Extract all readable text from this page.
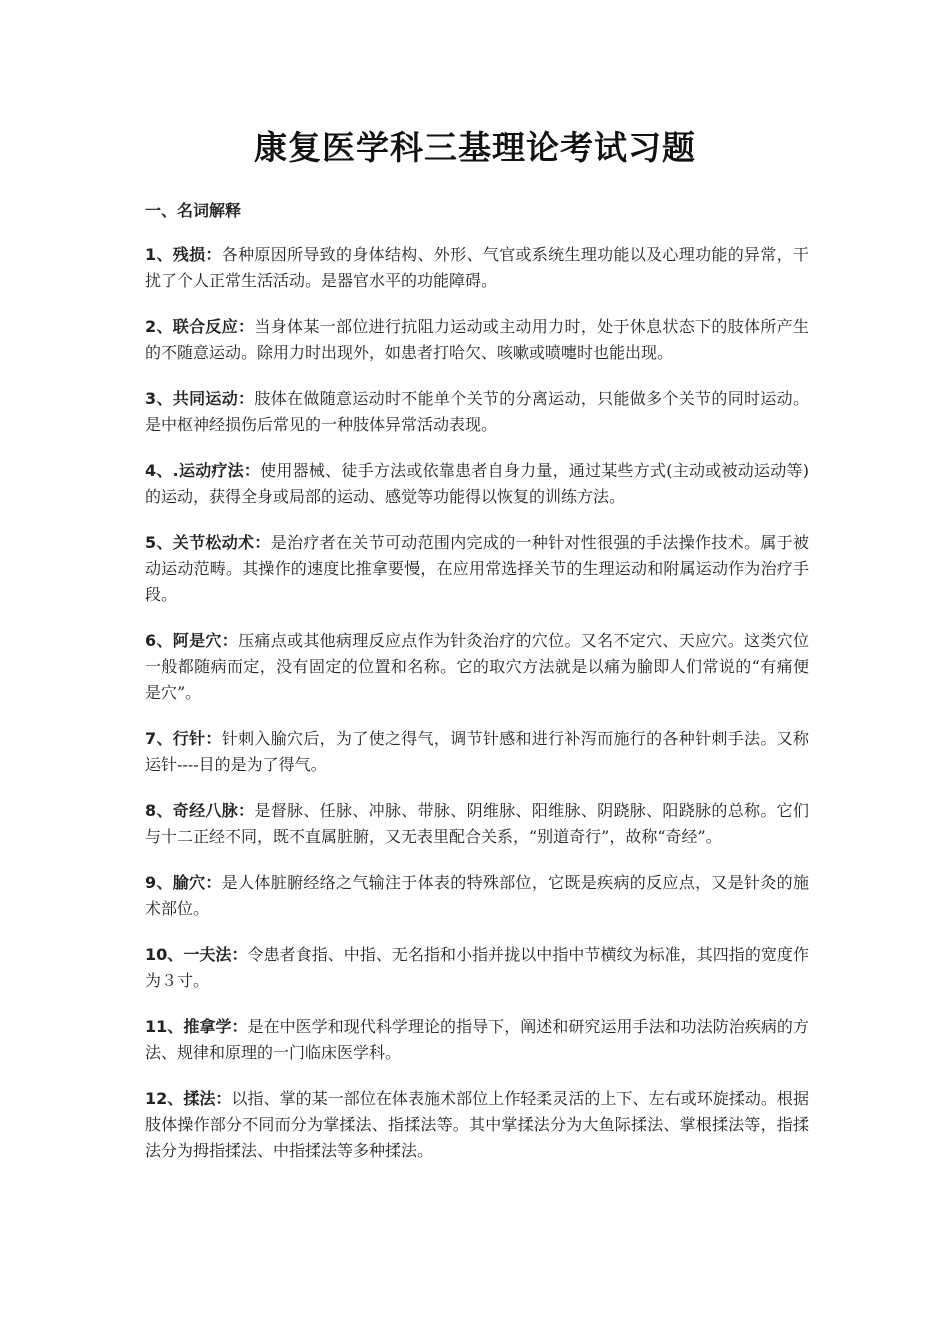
康复医学科三基理论考试习题
一、名词解释

1、残损：各种原因所导致的身体结构、外形、气官或系统生理功能以及心理功能的异常，干扰了个人正常生活活动。是器官水平的功能障碍。

2、联合反应：当身体某一部位进行抗阻力运动或主动用力时，处于休息状态下的肢体所产生的不随意运动。除用力时出现外，如患者打哈欠、咳嗽或喷嚏时也能出现。

3、共同运动：肢体在做随意运动时不能单个关节的分离运动，只能做多个关节的同时运动。是中枢神经损伤后常见的一种肢体异常活动表现。

4、.运动疗法：使用器械、徒手方法或依靠患者自身力量，通过某些方式(主动或被动运动等)的运动，获得全身或局部的运动、感觉等功能得以恢复的训练方法。

5、关节松动术：是治疗者在关节可动范围内完成的一种针对性很强的手法操作技术。属于被动运动范畴。其操作的速度比推拿要慢，在应用常选择关节的生理运动和附属运动作为治疗手段。

6、阿是穴：压痛点或其他病理反应点作为针灸治疗的穴位。又名不定穴、天应穴。这类穴位一般都随病而定，没有固定的位置和名称。它的取穴方法就是以痛为腧即人们常说的“有痛便是穴”。

7、行针：针刺入腧穴后，为了使之得气，调节针感和进行补泻而施行的各种针刺手法。又称运针----目的是为了得气。

8、奇经八脉：是督脉、任脉、冲脉、带脉、阴维脉、阳维脉、阴跷脉、阳跷脉的总称。它们与十二正经不同，既不直属脏腑，又无表里配合关系，“别道奇行”，故称“奇经”。

9、腧穴：是人体脏腑经络之气输注于体表的特殊部位，它既是疾病的反应点，又是针灸的施术部位。

10、一夫法：令患者食指、中指、无名指和小指并拢以中指中节横纹为标准，其四指的宽度作为３寸。

11、推拿学：是在中医学和现代科学理论的指导下，阐述和研究运用手法和功法防治疾病的方法、规律和原理的一门临床医学科。

12、揉法：以指、掌的某一部位在体表施术部位上作轻柔灵活的上下、左右或环旋揉动。根据肢体操作部分不同而分为掌揉法、指揉法等。其中掌揉法分为大鱼际揉法、掌根揉法等，指揉法分为拇指揉法、中指揉法等多种揉法。
